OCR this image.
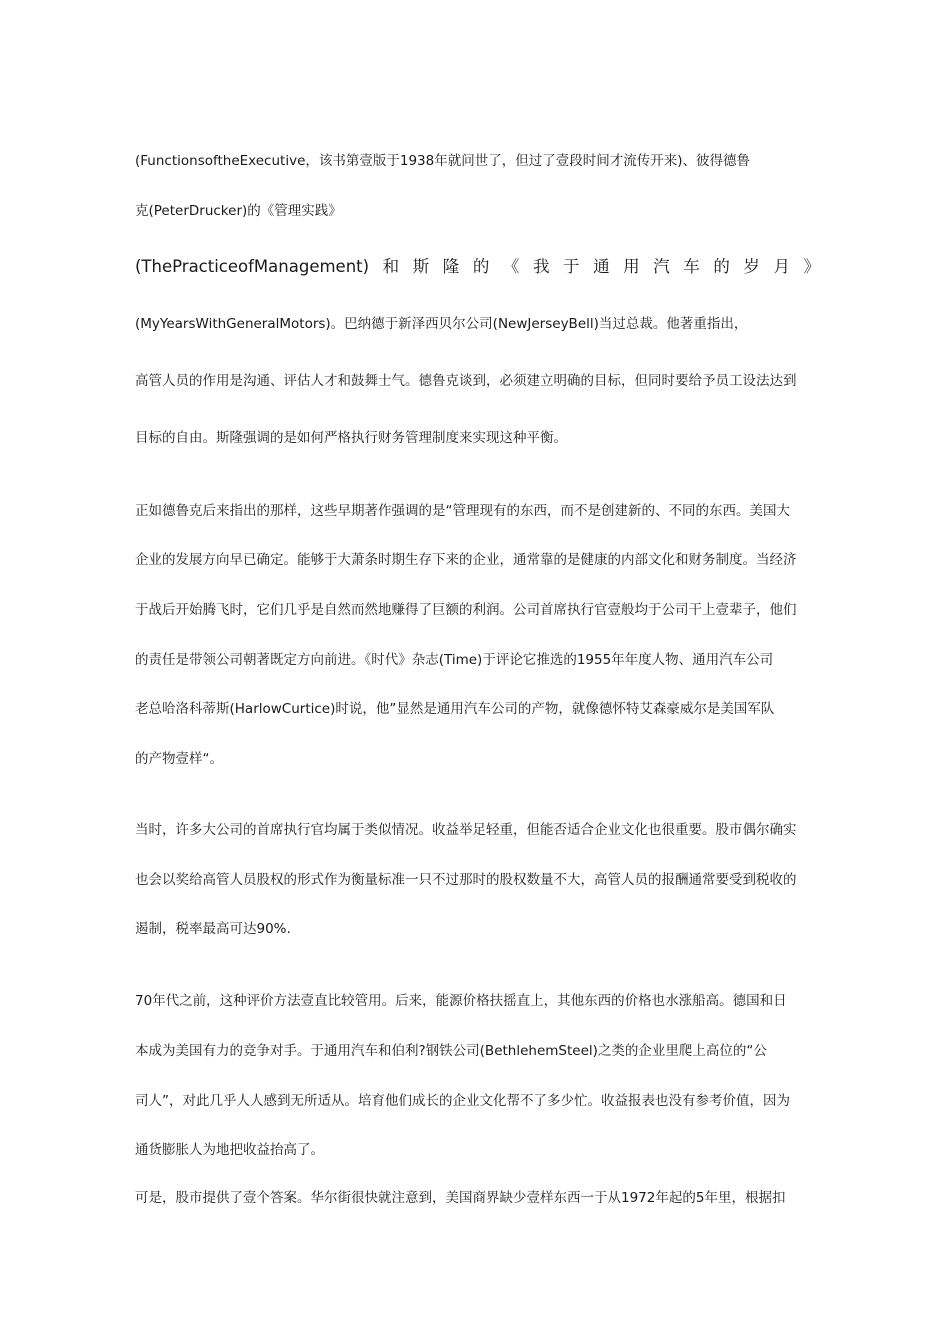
(FunctionsoftheExecutive，该书第壹版于1938年就问世了，但过了壹段时间才流传开来)、彼得德鲁
克(PeterDrucker)的《管理实践》
(ThePracticeofManagement) 和 斯 隆 的 《 我 于 通 用 汽 车 的 岁 月 》
(MyYearsWithGeneralMotors)。巴纳德于新泽西贝尔公司(NewJerseyBell)当过总裁。他著重指出，
高管人员的作用是沟通、评估人才和鼓舞士气。德鲁克谈到，必须建立明确的目标，但同时要给予员工设法达到
目标的自由。斯隆强调的是如何严格执行财务管理制度来实现这种平衡。
正如德鲁克后来指出的那样，这些早期著作强调的是“管理现有的东西，而不是创建新的、不同的东西。美国大
企业的发展方向早已确定。能够于大萧条时期生存下来的企业，通常靠的是健康的内部文化和财务制度。当经济
于战后开始腾飞时，它们几乎是自然而然地赚得了巨额的利润。公司首席执行官壹般均于公司干上壹辈子，他们
的责任是带领公司朝著既定方向前进。《时代》杂志(Time)于评论它推选的1955年年度人物、通用汽车公司
老总哈洛科蒂斯(HarlowCurtice)时说，他”显然是通用汽车公司的产物，就像德怀特艾森豪威尔是美国军队
的产物壹样“。
当时，许多大公司的首席执行官均属于类似情况。收益举足轻重，但能否适合企业文化也很重要。股市偶尔确实
也会以奖给高管人员股权的形式作为衡量标准一只不过那时的股权数量不大，高管人员的报酬通常要受到税收的
遏制，税率最高可达90%.
70年代之前，这种评价方法壹直比较管用。后来，能源价格扶摇直上，其他东西的价格也水涨船高。德国和日
本成为美国有力的竞争对手。于通用汽车和伯利?钢铁公司(BethlehemSteel)之类的企业里爬上高位的“公
司人”，对此几乎人人感到无所适从。培育他们成长的企业文化帮不了多少忙。收益报表也没有参考价值，因为
通货膨胀人为地把收益抬高了。
可是，股市提供了壹个答案。华尔街很快就注意到，美国商界缺少壹样东西一于从1972年起的5年里，根据扣
